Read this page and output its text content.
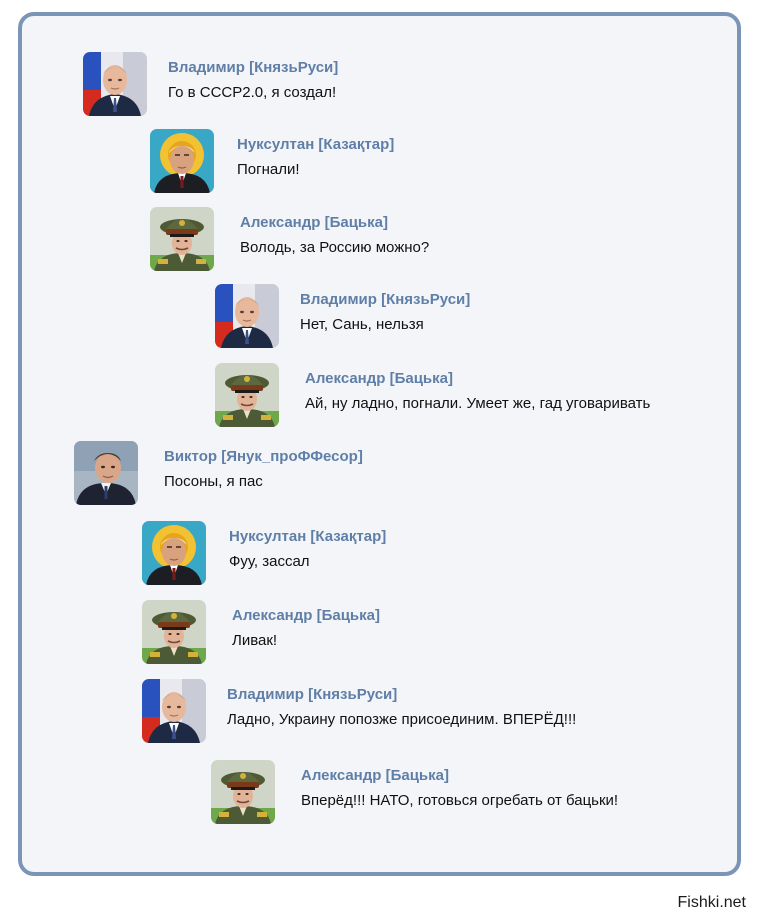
Владимир [КнязьРуси]
Го в СССР2.0, я создал!
Нуксултан [Казақтар]
Погнали!
Александр [Бацька]
Володь, за Россию можно?
Владимир [КнязьРуси]
Нет, Сань, нельзя
Александр [Бацька]
Ай, ну ладно, погнали. Умеет же, гад уговаривать
Виктор [Янук_проФФесор]
Посоны, я пас
Нуксултан [Казақтар]
Фуу, зассал
Александр [Бацька]
Ливак!
Владимир [КнязьРуси]
Ладно, Украину попозже присоединим. ВПЕРЁД!!!
Александр [Бацька]
Вперёд!!! НАТО, готовься огребать от бацьки!
Fishki.net
